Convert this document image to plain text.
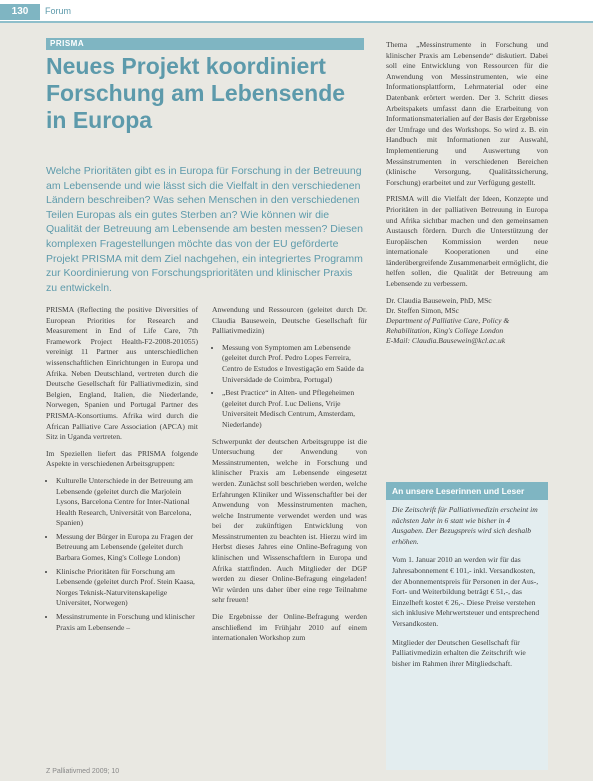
130	Forum
PRISMA
Neues Projekt koordiniert Forschung am Lebensende in Europa

Welche Prioritäten gibt es in Europa für Forschung in der Betreuung am Lebensende und wie lässt sich die Vielfalt in den verschiedenen Ländern beschreiben? Was sehen Menschen in den verschiedenen Teilen Europas als ein gutes Sterben an? Wie können wir die Qualität der Betreuung am Lebensende am besten messen? Diesen komplexen Fragestellungen möchte das von der EU geförderte Projekt PRISMA mit dem Ziel nachgehen, ein integriertes Programm zur Koordinierung von Forschungsprioritäten und klinischer Praxis zu entwickeln.

PRISMA (Reflecting the positive Diversities of European Priorities for Research and Measurement in End of Life Care, 7th Framework Project Health-F2-2008-201055) vereinigt 11 Partner aus unterschiedlichen wissenschaftlichen Einrichtungen in Europa und Afrika. Neben Deutschland, vertreten durch die Deutsche Gesellschaft für Palliativmedizin, sind Belgien, England, Italien, die Niederlande, Norwegen, Spanien und Portugal Partner des PRISMA-Konsortiums. Afrika wird durch die African Palliative Care Association (APCA) mit Sitz in Uganda vertreten.

Im Speziellen liefert das PRISMA folgende Aspekte in verschiedenen Arbeitsgruppen:

• Kulturelle Unterschiede in der Betreuung am Lebensende (geleitet durch die Marjolein Lysons, Barcelona Centre for Inter-National Health Research, Universität von Barcelona, Spanien)
• Messung der Bürger in Europa zu Fragen der Betreuung am Lebensende (geleitet durch Barbara Gomes, King's College London)
• Klinische Prioritäten für Forschung am Lebensende (geleitet durch Prof. Stein Kaasa, Norges Teknisk-Naturvitenskapelige Universitet, Norwegen)
• Messinstrumente in Forschung und klinischer Praxis am Lebensende –

Anwendung und Ressourcen (geleitet durch Dr. Claudia Bausewein, Deutsche Gesellschaft für Palliativmedizin)

• Messung von Symptomen am Lebensende (geleitet durch Prof. Pedro Lopes Ferreira, Centro de Estudos e Investigação em Saúde da Universidade de Coimbra, Portugal)
• „Best Practice“ in Alten- und Pflegeheimen (geleitet durch Prof. Luc Deliens, Vrije Universiteit Medisch Centrum, Amsterdam, Niederlande)

Schwerpunkt der deutschen Arbeitsgruppe ist die Untersuchung der Anwendung von Messinstrumenten, welche in Forschung und klinischer Praxis am Lebensende eingesetzt werden. Zunächst soll beschrieben werden, welche Erfahrungen Kliniker und Wissenschaftler bei der Anwendung von Messinstrumenten machen, welche Instrumente verwendet werden und was bei der zukünftigen Entwicklung von Messinstrumenten zu beachten ist. Hierzu wird im Herbst dieses Jahres eine Online-Befragung von klinischen und Wissenschaftlern in Europa und Afrika stattfinden. Auch Mitglieder der DGP werden zu dieser Online-Befragung eingeladen! Wir würden uns daher über eine rege Teilnahme sehr freuen!

Die Ergebnisse der Online-Befragung werden anschließend im Frühjahr 2010 auf einem internationalen Workshop zum

Thema „Messinstrumente in Forschung und klinischer Praxis am Lebensende“ diskutiert. Dabei soll eine Entwicklung von Ressourcen für die Anwendung von Messinstrumenten, wie eine Informationsplattform, Lehrmaterial oder eine Datenbank erörtert werden. Der 3. Schritt dieses Arbeitspakets umfasst dann die Erarbeitung von Informationsmaterialien auf der Basis der Ergebnisse der Umfrage und des Workshops. So wird z. B. ein Handbuch mit Informationen zur Auswahl, Implementierung und Auswertung von Messinstrumenten in verschiedenen Bereichen (klinische Versorgung, Qualitätssicherung, Forschung) erarbeitet und zur Verfügung gestellt.

PRISMA will die Vielfalt der Ideen, Konzepte und Prioritäten in der palliativen Betreuung in Europa und Afrika sichtbar machen und den gemeinsamen Austausch fördern. Durch die Unterstützung der Europäischen Kommission werden neue internationale Kooperationen und eine länderübergreifende Zusammenarbeit ermöglicht, die helfen sollen, die Qualität der Betreuung am Lebensende zu verbessern.

Dr. Claudia Bausewein, PhD, MSc
Dr. Steffen Simon, MSc
Department of Palliative Care, Policy & Rehabilitation, King's College London
E-Mail: Claudia.Bausewein@kcl.ac.uk
An unsere Leserinnen und Leser

Die Zeitschrift für Palliativmedizin erscheint im nächsten Jahr in 6 statt wie bisher in 4 Ausgaben. Der Bezugspreis wird sich deshalb erhöhen.

Vom 1. Januar 2010 an werden wir für das Jahresabonnement € 101,- inkl. Versandkosten, der Abonnementspreis für Personen in der Aus-, Fort- und Weiterbildung beträgt € 51,-, das Einzelheft kostet € 26,-. Diese Preise verstehen sich inklusive Mehrwertsteuer und entsprechend Versandkosten.

Mitglieder der Deutschen Gesellschaft für Palliativmedizin erhalten die Zeitschrift wie bisher im Rahmen ihrer Mitgliedschaft.

Z Palliativmed 2009; 10
